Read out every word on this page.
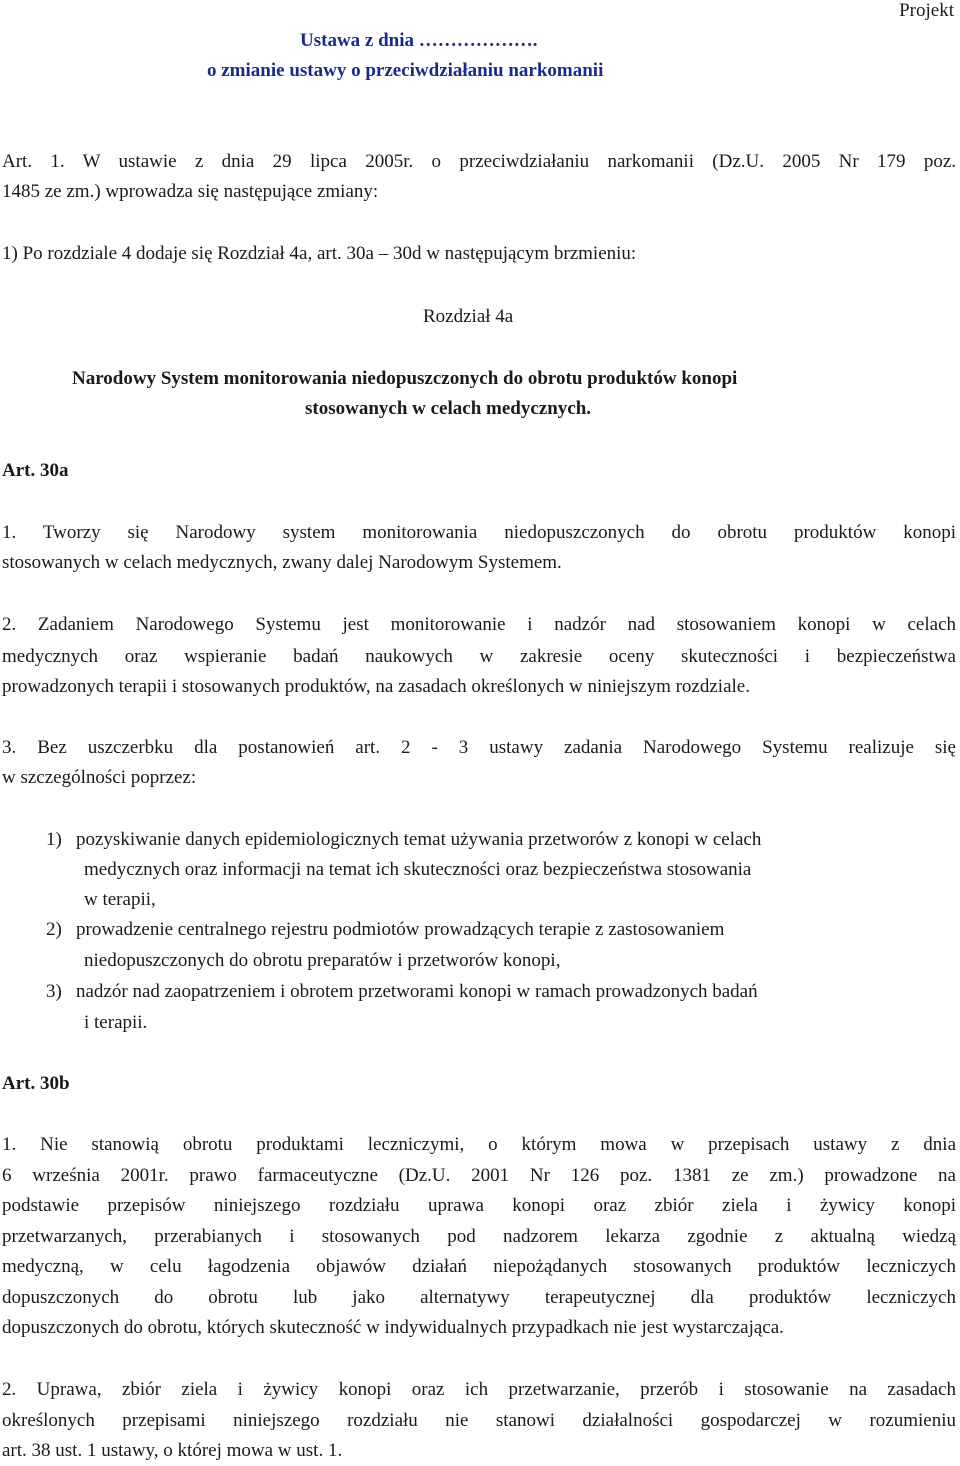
Projekt
Ustawa z dnia ……………….
o zmianie ustawy o przeciwdziałaniu narkomanii
Art. 1. W ustawie z dnia 29 lipca 2005r. o przeciwdziałaniu narkomanii (Dz.U. 2005 Nr 179 poz.
1485 ze zm.) wprowadza się następujące zmiany:
1) Po rozdziale 4 dodaje się Rozdział 4a, art. 30a – 30d w następującym brzmieniu:
Rozdział 4a
Narodowy System monitorowania niedopuszczonych do obrotu produktów konopi
stosowanych w celach medycznych.
Art. 30a
1. Tworzy się Narodowy system monitorowania niedopuszczonych do obrotu produktów konopi
stosowanych w celach medycznych, zwany dalej Narodowym Systemem.
2. Zadaniem Narodowego Systemu jest monitorowanie i nadzór nad stosowaniem konopi w celach
medycznych oraz wspieranie badań naukowych w zakresie oceny skuteczności i bezpieczeństwa
prowadzonych terapii i stosowanych produktów, na zasadach określonych w niniejszym rozdziale.
3. Bez uszczerbku dla postanowień art. 2 - 3 ustawy zadania Narodowego Systemu realizuje się
w szczególności poprzez:
1) pozyskiwanie danych epidemiologicznych temat używania przetworów z konopi w celach
medycznych oraz informacji na temat ich skuteczności oraz bezpieczeństwa stosowania
w terapii,
2) prowadzenie centralnego rejestru podmiotów prowadzących terapie z zastosowaniem
niedopuszczonych do obrotu preparatów i przetworów konopi,
3) nadzór nad zaopatrzeniem i obrotem przetworami konopi w ramach prowadzonych badań
i terapii.
Art. 30b
1. Nie stanowią obrotu produktami leczniczymi, o którym mowa w przepisach ustawy z dnia
6 września 2001r. prawo farmaceutyczne (Dz.U. 2001 Nr 126 poz. 1381 ze zm.) prowadzone na
podstawie przepisów niniejszego rozdziału uprawa konopi oraz zbiór ziela i żywicy konopi
przetwarzanych, przerabianych i stosowanych pod nadzorem lekarza zgodnie z aktualną wiedzą
medyczną, w celu łagodzenia objawów działań niepożądanych stosowanych produktów leczniczych
dopuszczonych do obrotu lub jako alternatywy terapeutycznej dla produktów leczniczych
dopuszczonych do obrotu, których skuteczność w indywidualnych przypadkach nie jest wystarczająca.
2. Uprawa, zbiór ziela i żywicy konopi oraz ich przetwarzanie, przerób i stosowanie na zasadach
określonych przepisami niniejszego rozdziału nie stanowi działalności gospodarczej w rozumieniu
art. 38 ust. 1 ustawy, o której mowa w ust. 1.
